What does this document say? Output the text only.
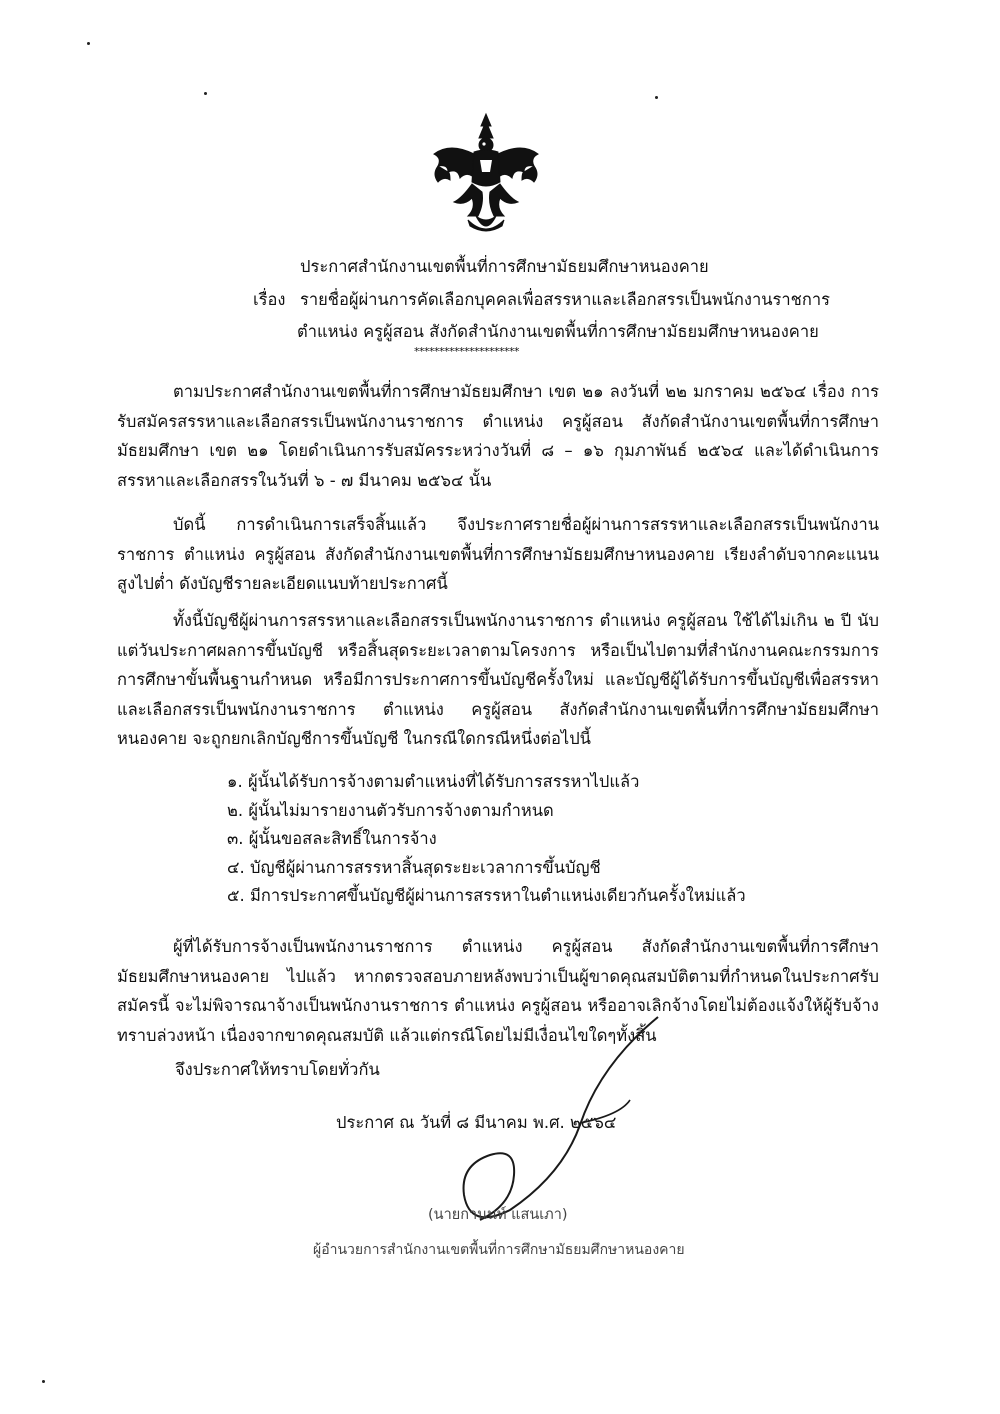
ประกาศสำนักงานเขตพื้นที่การศึกษามัธยมศึกษาหนองคาย
เรื่อง รายชื่อผู้ผ่านการคัดเลือกบุคคลเพื่อสรรหาและเลือกสรรเป็นพนักงานราชการ
ตำแหน่ง ครูผู้สอน สังกัดสำนักงานเขตพื้นที่การศึกษามัธยมศึกษาหนองคาย
*********************

ตามประกาศสำนักงานเขตพื้นที่การศึกษามัธยมศึกษา เขต ๒๑ ลงวันที่ ๒๒ มกราคม ๒๕๖๔ เรื่อง การรับสมัครสรรหาและเลือกสรรเป็นพนักงานราชการ ตำแหน่ง ครูผู้สอน สังกัดสำนักงานเขตพื้นที่การศึกษามัธยมศึกษา เขต ๒๑ โดยดำเนินการรับสมัครระหว่างวันที่ ๘ – ๑๖ กุมภาพันธ์ ๒๕๖๔ และได้ดำเนินการสรรหาและเลือกสรรในวันที่ ๖ - ๗ มีนาคม ๒๕๖๔ นั้น

บัดนี้ การดำเนินการเสร็จสิ้นแล้ว จึงประกาศรายชื่อผู้ผ่านการสรรหาและเลือกสรรเป็นพนักงานราชการ ตำแหน่ง ครูผู้สอน สังกัดสำนักงานเขตพื้นที่การศึกษามัธยมศึกษาหนองคาย เรียงลำดับจากคะแนนสูงไปต่ำ ดังบัญชีรายละเอียดแนบท้ายประกาศนี้

ทั้งนี้บัญชีผู้ผ่านการสรรหาและเลือกสรรเป็นพนักงานราชการ ตำแหน่ง ครูผู้สอน ใช้ได้ไม่เกิน ๒ ปี นับแต่วันประกาศผลการขึ้นบัญชี หรือสิ้นสุดระยะเวลาตามโครงการ หรือเป็นไปตามที่สำนักงานคณะกรรมการการศึกษาขั้นพื้นฐานกำหนด หรือมีการประกาศการขึ้นบัญชีครั้งใหม่ และบัญชีผู้ได้รับการขึ้นบัญชีเพื่อสรรหาและเลือกสรรเป็นพนักงานราชการ ตำแหน่ง ครูผู้สอน สังกัดสำนักงานเขตพื้นที่การศึกษามัธยมศึกษาหนองคาย จะถูกยกเลิกบัญชีการขึ้นบัญชี ในกรณีใดกรณีหนึ่งต่อไปนี้

๑. ผู้นั้นได้รับการจ้างตามตำแหน่งที่ได้รับการสรรหาไปแล้ว
๒. ผู้นั้นไม่มารายงานตัวรับการจ้างตามกำหนด
๓. ผู้นั้นขอสละสิทธิ์ในการจ้าง
๔. บัญชีผู้ผ่านการสรรหาสิ้นสุดระยะเวลาการขึ้นบัญชี
๕. มีการประกาศขึ้นบัญชีผู้ผ่านการสรรหาในตำแหน่งเดียวกันครั้งใหม่แล้ว

ผู้ที่ได้รับการจ้างเป็นพนักงานราชการ ตำแหน่ง ครูผู้สอน สังกัดสำนักงานเขตพื้นที่การศึกษามัธยมศึกษาหนองคาย ไปแล้ว หากตรวจสอบภายหลังพบว่าเป็นผู้ขาดคุณสมบัติตามที่กำหนดในประกาศรับสมัครนี้ จะไม่พิจารณาจ้างเป็นพนักงานราชการ ตำแหน่ง ครูผู้สอน หรืออาจเลิกจ้างโดยไม่ต้องแจ้งให้ผู้รับจ้างทราบล่วงหน้า เนื่องจากขาดคุณสมบัติ แล้วแต่กรณีโดยไม่มีเงื่อนไขใดๆทั้งสิ้น

จึงประกาศให้ทราบโดยทั่วกัน
ประกาศ ณ วันที่ ๘ มีนาคม พ.ศ. ๒๕๖๔
(นายกานนท์ แสนเภา)
ผู้อำนวยการสำนักงานเขตพื้นที่การศึกษามัธยมศึกษาหนองคาย
